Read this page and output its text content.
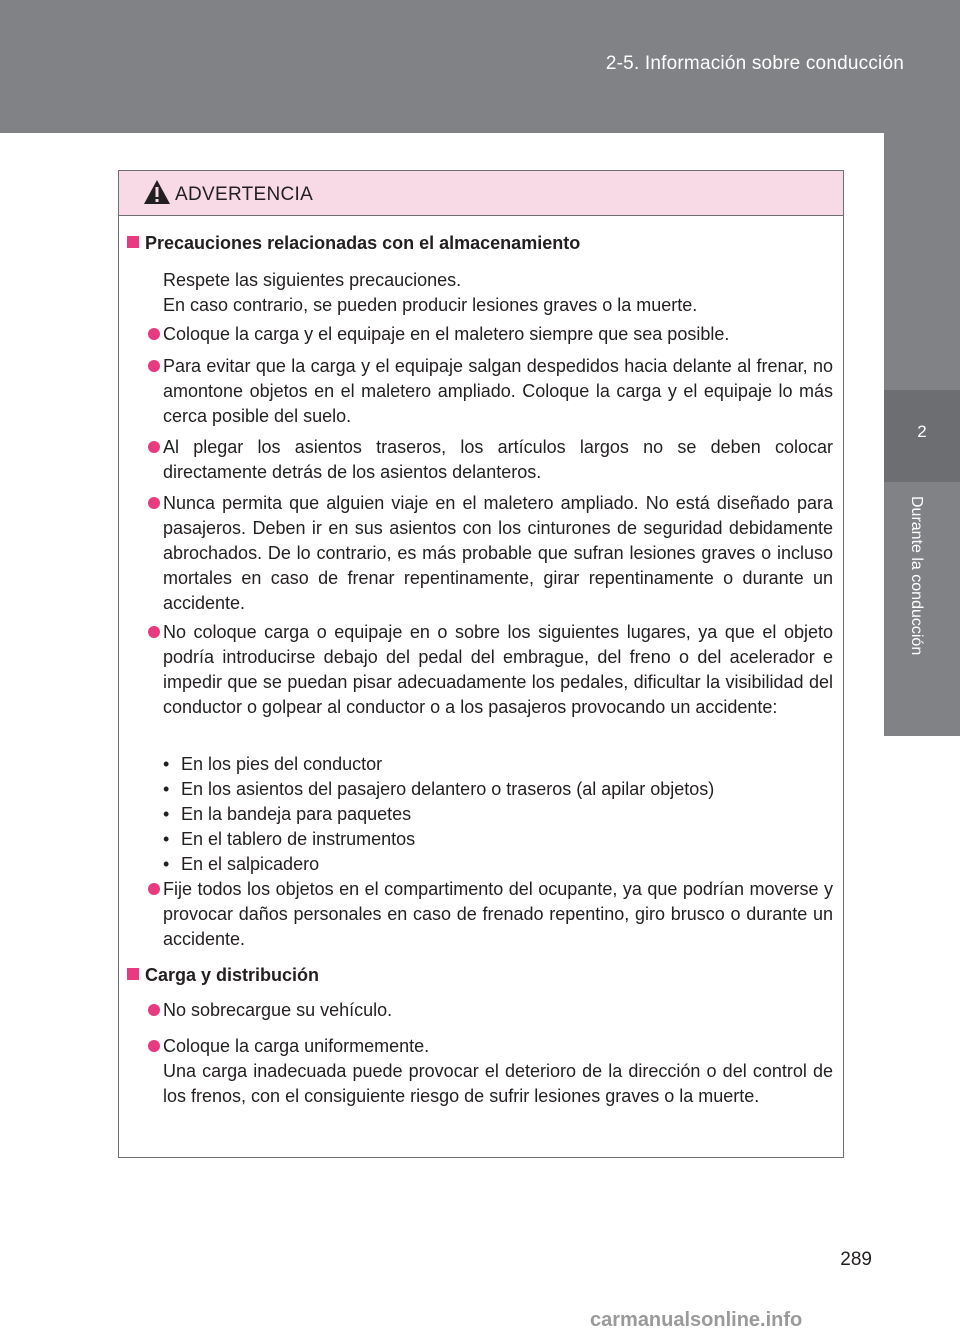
2-5. Información sobre conducción
2
Durante la conducción
ADVERTENCIA
Precauciones relacionadas con el almacenamiento
Respete las siguientes precauciones.
En caso contrario, se pueden producir lesiones graves o la muerte.
Coloque la carga y el equipaje en el maletero siempre que sea posible.
Para evitar que la carga y el equipaje salgan despedidos hacia delante al frenar, no amontone objetos en el maletero ampliado. Coloque la carga y el equipaje lo más cerca posible del suelo.
Al plegar los asientos traseros, los artículos largos no se deben colocar directamente detrás de los asientos delanteros.
Nunca permita que alguien viaje en el maletero ampliado. No está diseñado para pasajeros. Deben ir en sus asientos con los cinturones de seguridad debidamente abrochados. De lo contrario, es más probable que sufran lesiones graves o incluso mortales en caso de frenar repentinamente, girar repentinamente o durante un accidente.
No coloque carga o equipaje en o sobre los siguientes lugares, ya que el objeto podría introducirse debajo del pedal del embrague, del freno o del acelerador e impedir que se puedan pisar adecuadamente los pedales, dificultar la visibilidad del conductor o golpear al conductor o a los pasajeros provocando un accidente:
• En los pies del conductor
• En los asientos del pasajero delantero o traseros (al apilar objetos)
• En la bandeja para paquetes
• En el tablero de instrumentos
• En el salpicadero
Fije todos los objetos en el compartimento del ocupante, ya que podrían moverse y provocar daños personales en caso de frenado repentino, giro brusco o durante un accidente.
Carga y distribución
No sobrecargue su vehículo.
Coloque la carga uniformemente.
Una carga inadecuada puede provocar el deterioro de la dirección o del control de los frenos, con el consiguiente riesgo de sufrir lesiones graves o la muerte.
289
carmanualsonline.info
